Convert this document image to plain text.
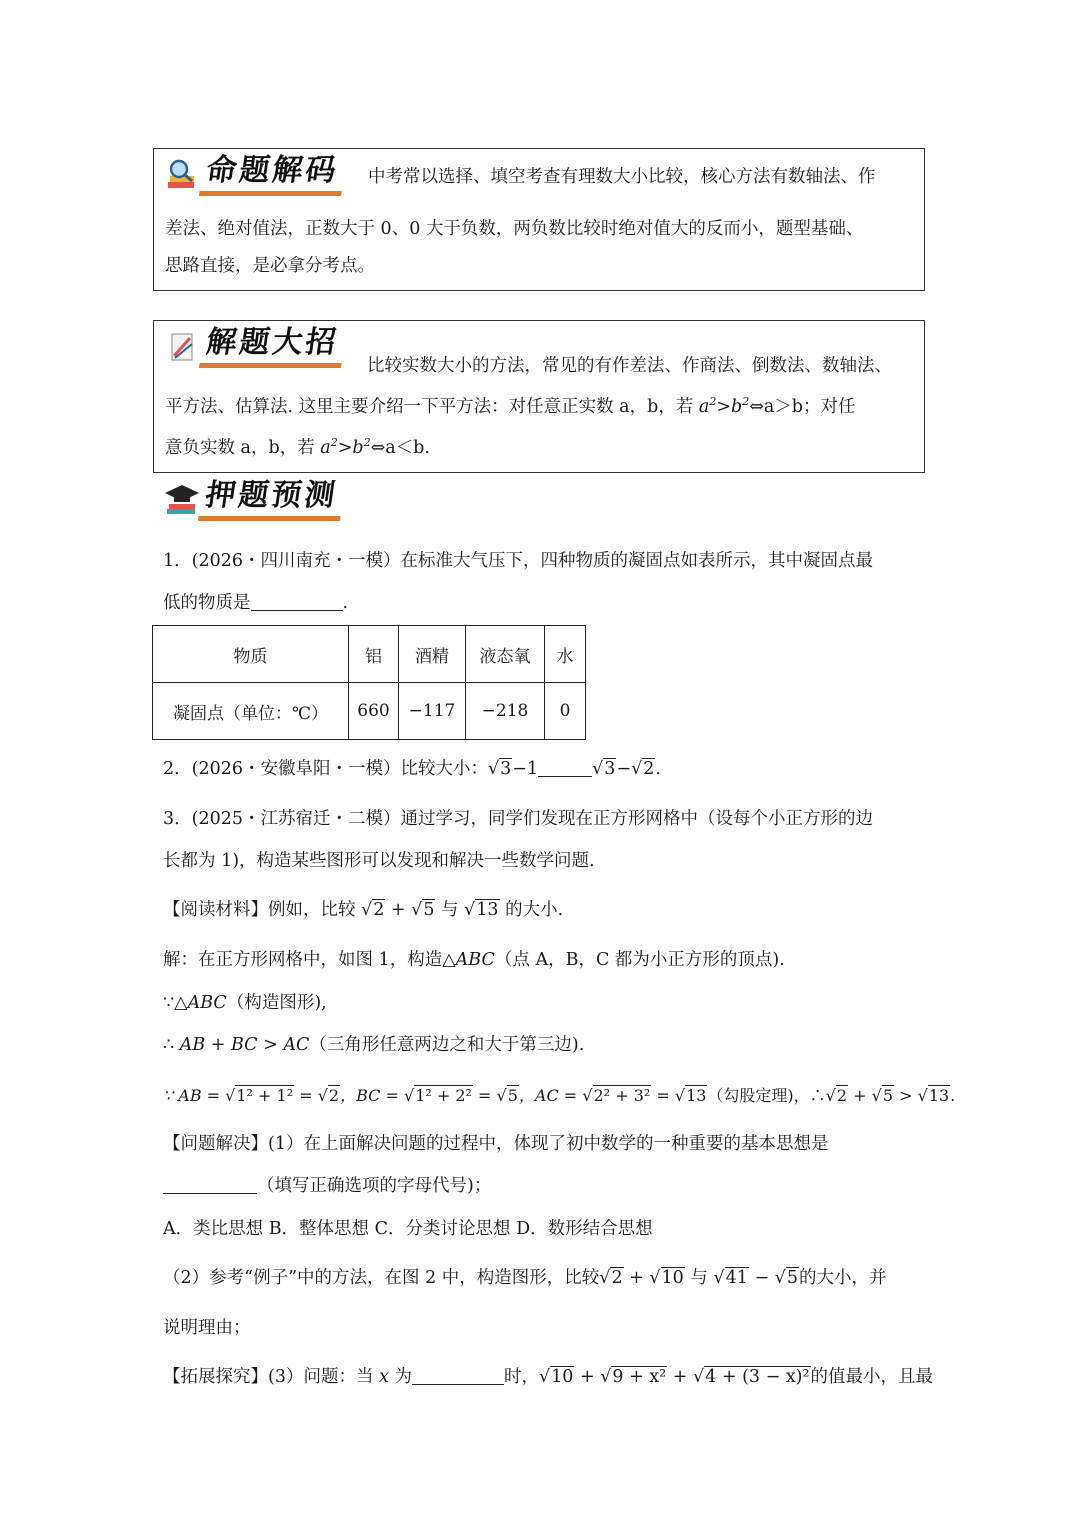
命题解码	中考常以选择、填空考查有理数大小比较，核心方法有数轴法、作
差法、绝对值法，正数大于 0、0 大于负数，两负数比较时绝对值大的反而小，题型基础、
思路直接，是必拿分考点。
解题大招
比较实数大小的方法，常见的有作差法、作商法、倒数法、数轴法、
平方法、估算法. 这里主要介绍一下平方法：对任意正实数 a，b，若 $a^2>b^2\Leftrightarrow a>b$；对任
意负实数 a，b，若 $a^2>b^2\Leftrightarrow a<b$.
押题预测
1．(2026・四川南充・一模）在标准大气压下，四种物质的凝固点如表所示，其中凝固点最
低的物质是	.
物质	铝	酒精	液态氧	水
凝固点（单位：℃）	660	−117	−218	0
2．(2026・安徽阜阳・一模）比较大小：√3−1	√3−√2.
3．(2025・江苏宿迁・二模）通过学习，同学们发现在正方形网格中（设每个小正方形的边
长都为 1)，构造某些图形可以发现和解决一些数学问题.
【阅读材料】例如，比较 √2 + √5 与 √13 的大小.
解：在正方形网格中，如图 1，构造△ABC（点 A，B，C 都为小正方形的顶点).
∵△ABC（构造图形),
∴ AB + BC > AC（三角形任意两边之和大于第三边).
∵ AB = √1² + 1² = √2，BC = √1² + 2² = √5，AC = √2² + 3² = √13（勾股定理)，∴√2 + √5 > √13.
【问题解决】(1）在上面解决问题的过程中，体现了初中数学的一种重要的基本思想是
（填写正确选项的字母代号)；
A．类比思想 B．整体思想 C．分类讨论思想 D．数形结合思想
（2）参考“例子”中的方法，在图 2 中，构造图形，比较√2 + √10 与 √41 − √5的大小，并
说明理由；
【拓展探究】(3）问题：当 x 为	时，√10 + √9 + x² + √4 + (3 − x)²的值最小，且最
